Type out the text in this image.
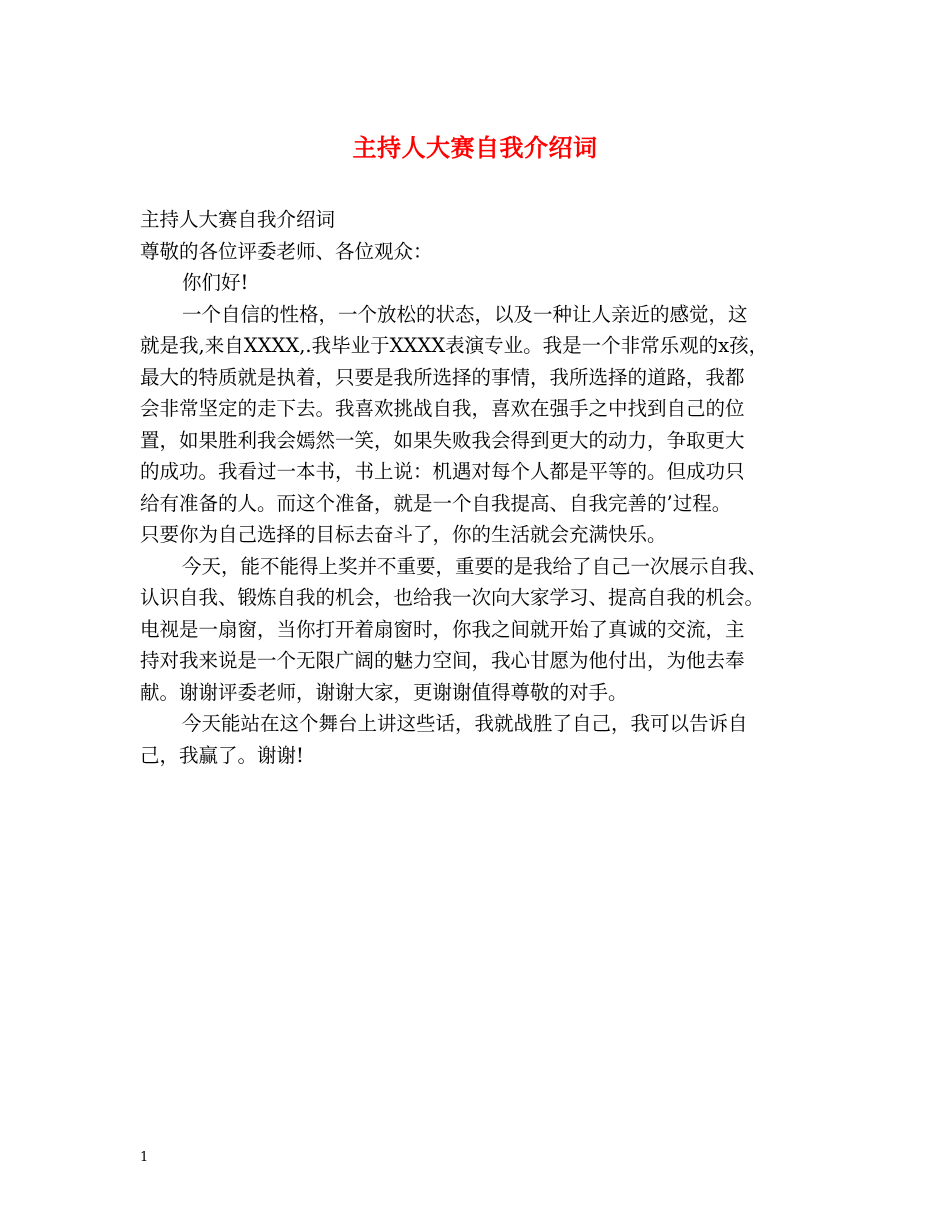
主持人大赛自我介绍词
主持人大赛自我介绍词
尊敬的各位评委老师、各位观众：
你们好!
一个自信的性格，一个放松的状态，以及一种让人亲近的感觉，这
就是我,来自XXXX,.我毕业于XXXX表演专业。我是一个非常乐观的x孩，
最大的特质就是执着，只要是我所选择的事情，我所选择的道路，我都
会非常坚定的走下去。我喜欢挑战自我，喜欢在强手之中找到自己的位
置，如果胜利我会嫣然一笑，如果失败我会得到更大的动力，争取更大
的成功。我看过一本书，书上说：机遇对每个人都是平等的。但成功只
给有准备的人。而这个准备，就是一个自我提高、自我完善的’过程。
只要你为自己选择的目标去奋斗了，你的生活就会充满快乐。
今天，能不能得上奖并不重要，重要的是我给了自己一次展示自我、
认识自我、锻炼自我的机会，也给我一次向大家学习、提高自我的机会。
电视是一扇窗，当你打开着扇窗时，你我之间就开始了真诚的交流，主
持对我来说是一个无限广阔的魅力空间，我心甘愿为他付出，为他去奉
献。谢谢评委老师，谢谢大家，更谢谢值得尊敬的对手。
今天能站在这个舞台上讲这些话，我就战胜了自己，我可以告诉自
己，我赢了。谢谢!
1
